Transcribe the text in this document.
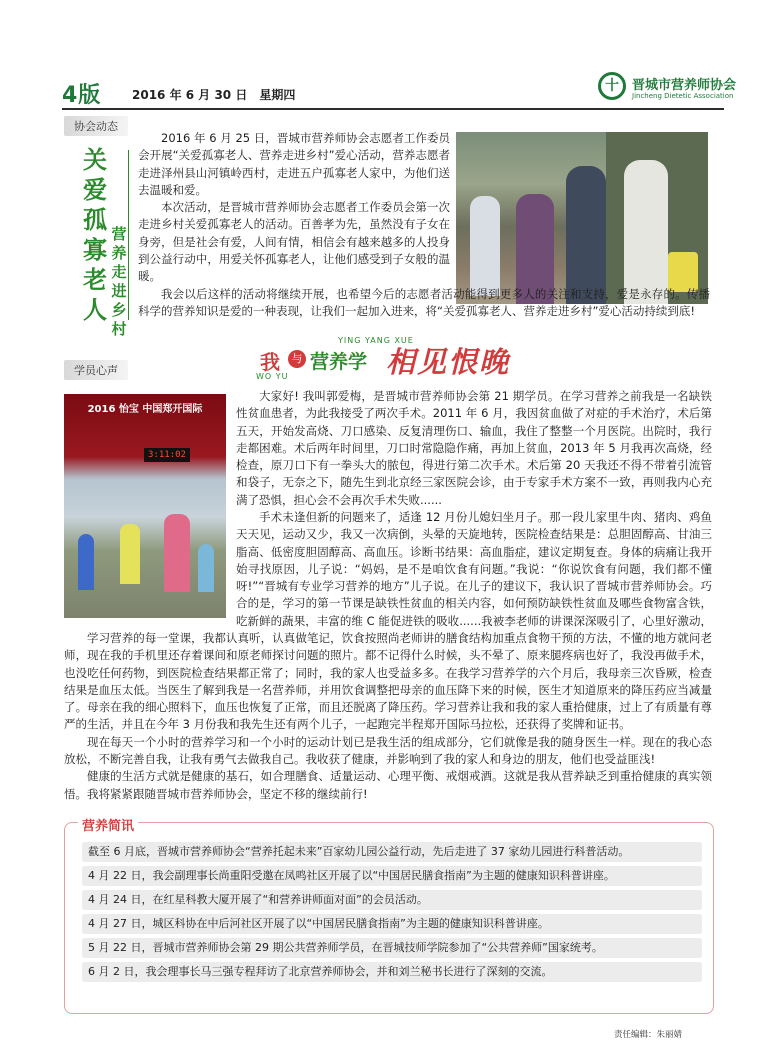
4版	2016 年 6 月 30 日　星期四
十	晋城市营养师协会
Jincheng Dietetic Association
协会动态
关爱孤寡老人
营养走进乡村

2016 年 6 月 25 日，晋城市营养师协会志愿者工作委员会开展“关爱孤寡老人、营养走进乡村”爱心活动，营养志愿者走进泽州县山河镇岭西村，走进五户孤寡老人家中，为他们送去温暖和爱。

本次活动，是晋城市营养师协会志愿者工作委员会第一次走进乡村关爱孤寡老人的活动。百善孝为先，虽然没有子女在身旁，但是社会有爱，人间有情，相信会有越来越多的人投身到公益行动中，用爱关怀孤寡老人，让他们感受到子女般的温暖。

我会以后这样的活动将继续开展，也希望今后的志愿者活动能得到更多人的关注和支持，爱是永存的。传播科学的营养知识是爱的一种表现，让我们一起加入进来，将“关爱孤寡老人、营养走进乡村”爱心活动持续到底!

学员心声
YING YANG XUE
WO YU
我	与 营养学 相见恨晚
2016 怡宝 中国郑开国际
3:11:02

大家好! 我叫郭爱梅，是晋城市营养师协会第 21 期学员。在学习营养之前我是一名缺铁性贫血患者，为此我接受了两次手术。2011 年 6 月，我因贫血做了对症的手术治疗，术后第五天，开始发高烧、刀口感染、反复清理伤口、输血，我住了整整一个月医院。出院时，我行走都困难。术后两年时间里，刀口时常隐隐作痛，再加上贫血，2013 年 5 月我再次高烧，经检查，原刀口下有一拳头大的脓包，得进行第二次手术。术后第 20 天我还不得不带着引流管和袋子，无奈之下，随先生到北京经三家医院会诊，由于专家手术方案不一致，再则我内心充满了恐惧，担心会不会再次手术失败......

手术未逢但新的问题来了，适逢 12 月份儿媳妇坐月子。那一段儿家里牛肉、猪肉、鸡鱼天天见，运动又少，我又一次病倒，头晕的天旋地转，医院检查结果是：总胆固醇高、甘油三脂高、低密度胆固醇高、高血压。诊断书结果：高血脂症，建议定期复查。身体的病痛让我开始寻找原因，儿子说：“妈妈，是不是咱饮食有问题。”我说：“你说饮食有问题，我们都不懂呀!”“晋城有专业学习营养的地方”儿子说。在儿子的建议下，我认识了晋城市营养师协会。巧合的是，学习的第一节课是缺铁性贫血的相关内容，如何预防缺铁性贫血及哪些食物富含铁，吃新鲜的蔬果，丰富的维 C 能促进铁的吸收......我被李老师的讲课深深吸引了，心里好激动，

学习营养的每一堂课，我都认真听，认真做笔记，饮食按照尚老师讲的膳食结构加重点食物干预的方法，不懂的地方就问老师，现在我的手机里还存着课间和原老师探讨问题的照片。都不记得什么时候，头不晕了、原来腿疼病也好了，我没再做手术，也没吃任何药物，到医院检查结果都正常了；同时，我的家人也受益多多。在我学习营养学的六个月后，我母亲三次昏厥，检查结果是血压太低。当医生了解到我是一名营养师，并用饮食调整把母亲的血压降下来的时候，医生才知道原来的降压药应当减量了。母亲在我的细心照料下，血压也恢复了正常，而且还脱离了降压药。学习营养让我和我的家人重拾健康，过上了有质量有尊严的生活，并且在今年 3 月份我和我先生还有两个儿子，一起跑完半程郑开国际马拉松，还获得了奖牌和证书。

现在每天一个小时的营养学习和一个小时的运动计划已是我生活的组成部分，它们就像是我的随身医生一样。现在的我心态放松，不断完善自我，让我有勇气去做我自己。我收获了健康，并影响到了我的家人和身边的朋友，他们也受益匪浅!

健康的生活方式就是健康的基石，如合理膳食、适量运动、心理平衡、戒烟戒酒。这就是我从营养缺乏到重拾健康的真实领悟。我将紧紧跟随晋城市营养师协会，坚定不移的继续前行!

营养简讯
截至 6 月底，晋城市营养师协会“营养托起未来”百家幼儿园公益行动，先后走进了 37 家幼儿园进行科普活动。
4 月 22 日，我会副理事长尚重阳受邀在凤鸣社区开展了以“中国居民膳食指南”为主题的健康知识科普讲座。
4 月 24 日，在红星科教大厦开展了“和营养讲师面对面”的会员活动。
4 月 27 日，城区科协在中后河社区开展了以“中国居民膳食指南”为主题的健康知识科普讲座。
5 月 22 日，晋城市营养师协会第 29 期公共营养师学员，在晋城技师学院参加了“公共营养师”国家统考。
6 月 2 日，我会理事长马三强专程拜访了北京营养师协会，并和刘兰秘书长进行了深刻的交流。
责任编辑：朱丽婧
